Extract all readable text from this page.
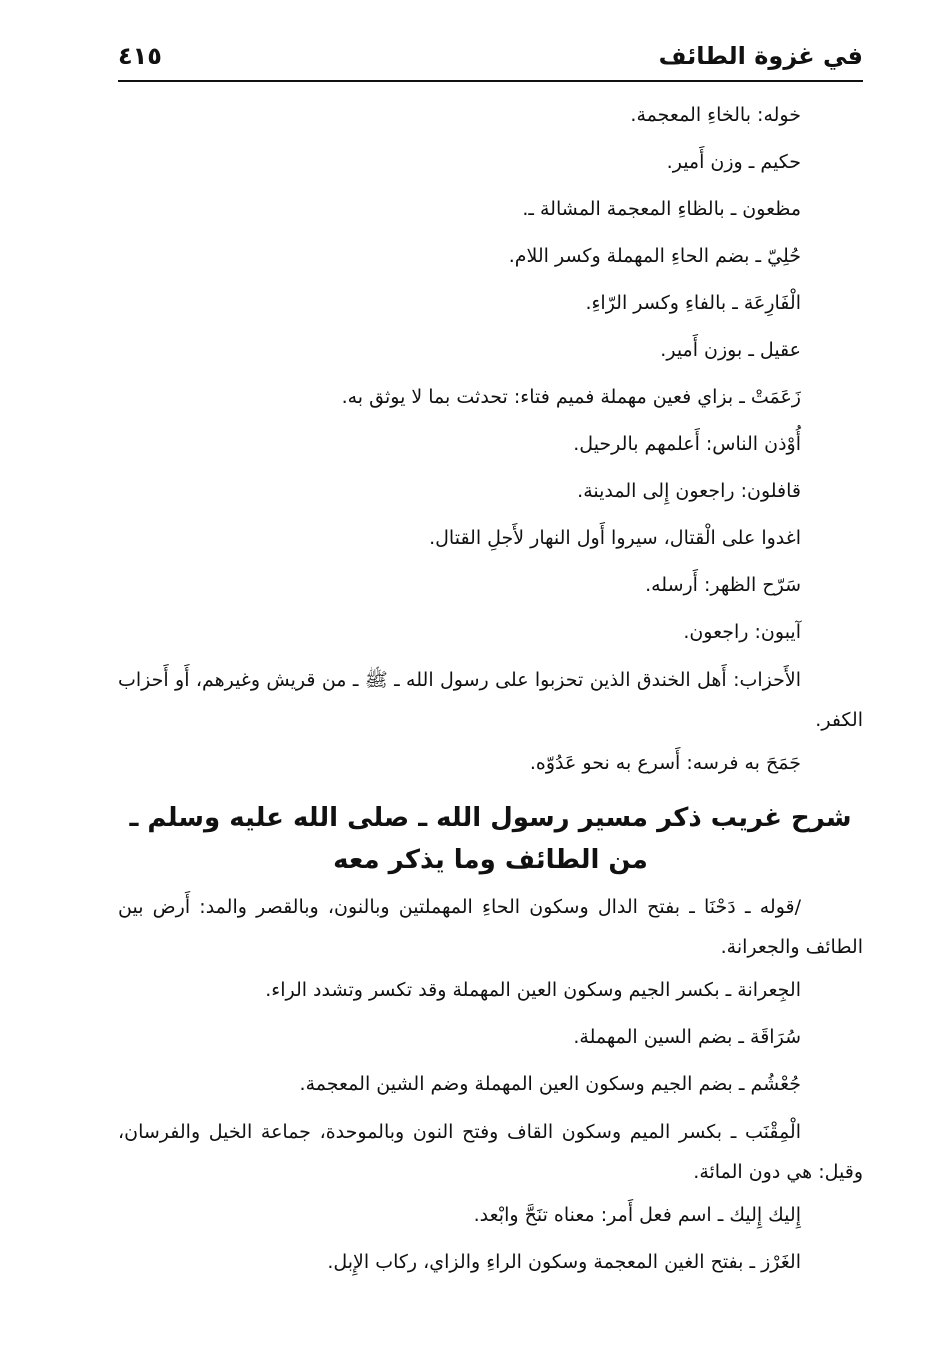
في غزوة الطائف
٤١٥

خوله: بالخاءِ المعجمة.

حكيم ـ وزن أَمير.

مظعون ـ بالظاءِ المعجمة المشالة ـ.

حُلِيّ ـ بضم الحاءِ المهملة وكسر اللام.

الْفَارِعَة ـ بالفاءِ وكسر الرّاءِ.

عقيل ـ بوزن أَمير.

زَعَمَتْ ـ بزاي فعين مهملة فميم فتاء: تحدثت بما لا يوثق به.

أُوْذن الناس: أَعلمهم بالرحيل.

قافلون: راجعون إِلى المدينة.

اغدوا على الْقتال، سيروا أَول النهار لأَجلِ القتال.

سَرّح الظهر: أَرسله.

آيبون: راجعون.

الأَحزاب: أَهل الخندق الذين تحزبوا على رسول الله ـ ﷺ ـ من قريش وغيرهم، أَو أَحزاب الكفر.

جَمَحَ به فرسه: أَسرع به نحو عَدُوّه.

شرح غريب ذكر مسير رسول الله ـ صلى الله عليه وسلم ـ
من الطائف وما يذكر معه

/قوله ـ دَحْنَا ـ بفتح الدال وسكون الحاءِ المهملتين وبالنون، وبالقصر والمد: أَرض بين الطائف والجعرانة.

الجِعرانة ـ بكسر الجيم وسكون العين المهملة وقد تكسر وتشدد الراء.

سُرَاقَة ـ بضم السين المهملة.

جُعْشُم ـ بضم الجيم وسكون العين المهملة وضم الشين المعجمة.

الْمِقْنَب ـ بكسر الميم وسكون القاف وفتح النون وبالموحدة، جماعة الخيل والفرسان، وقيل: هي دون المائة.

إِليك إِليك ـ اسم فعل أَمر: معناه تنَحَّ وابْعد.

الغَرْز ـ بفتح الغين المعجمة وسكون الراءِ والزاي، ركاب الإِبل.
